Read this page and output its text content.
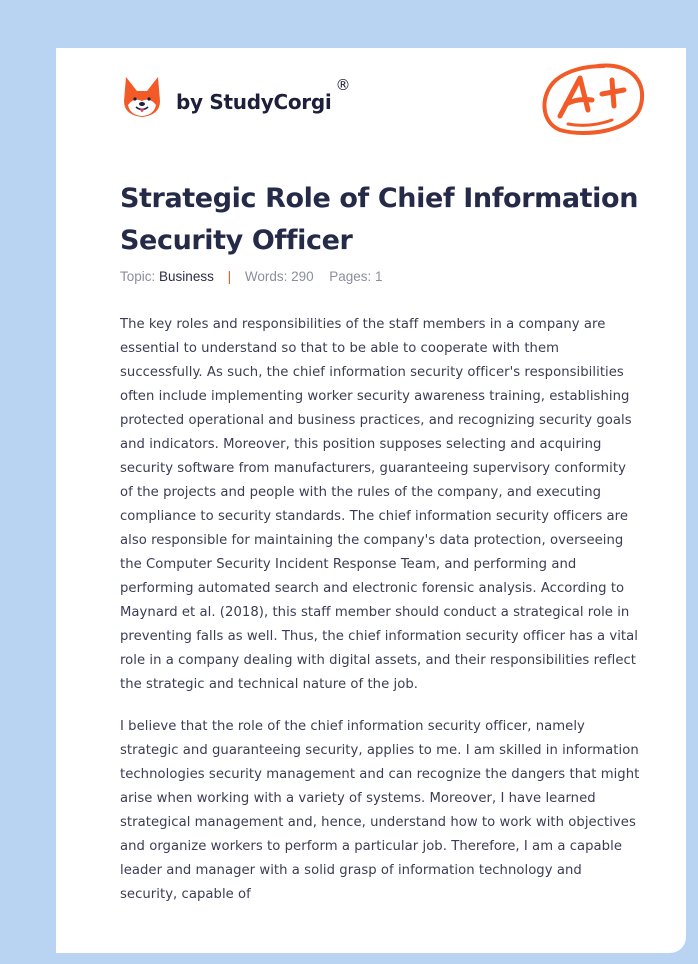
by StudyCorgi
®
Strategic Role of Chief Information Security Officer
Topic: Business | Words: 290 Pages: 1

The key roles and responsibilities of the staff members in a company are essential to understand so that to be able to cooperate with them successfully. As such, the chief information security officer's responsibilities often include implementing worker security awareness training, establishing protected operational and business practices, and recognizing security goals and indicators. Moreover, this position supposes selecting and acquiring security software from manufacturers, guaranteeing supervisory conformity of the projects and people with the rules of the company, and executing compliance to security standards. The chief information security officers are also responsible for maintaining the company's data protection, overseeing the Computer Security Incident Response Team, and performing and performing automated search and electronic forensic analysis. According to Maynard et al. (2018), this staff member should conduct a strategical role in preventing falls as well. Thus, the chief information security officer has a vital role in a company dealing with digital assets, and their responsibilities reflect the strategic and technical nature of the job.

I believe that the role of the chief information security officer, namely strategic and guaranteeing security, applies to me. I am skilled in information technologies security management and can recognize the dangers that might arise when working with a variety of systems. Moreover, I have learned strategical management and, hence, understand how to work with objectives and organize workers to perform a particular job. Therefore, I am a capable leader and manager with a solid grasp of information technology and security, capable of
